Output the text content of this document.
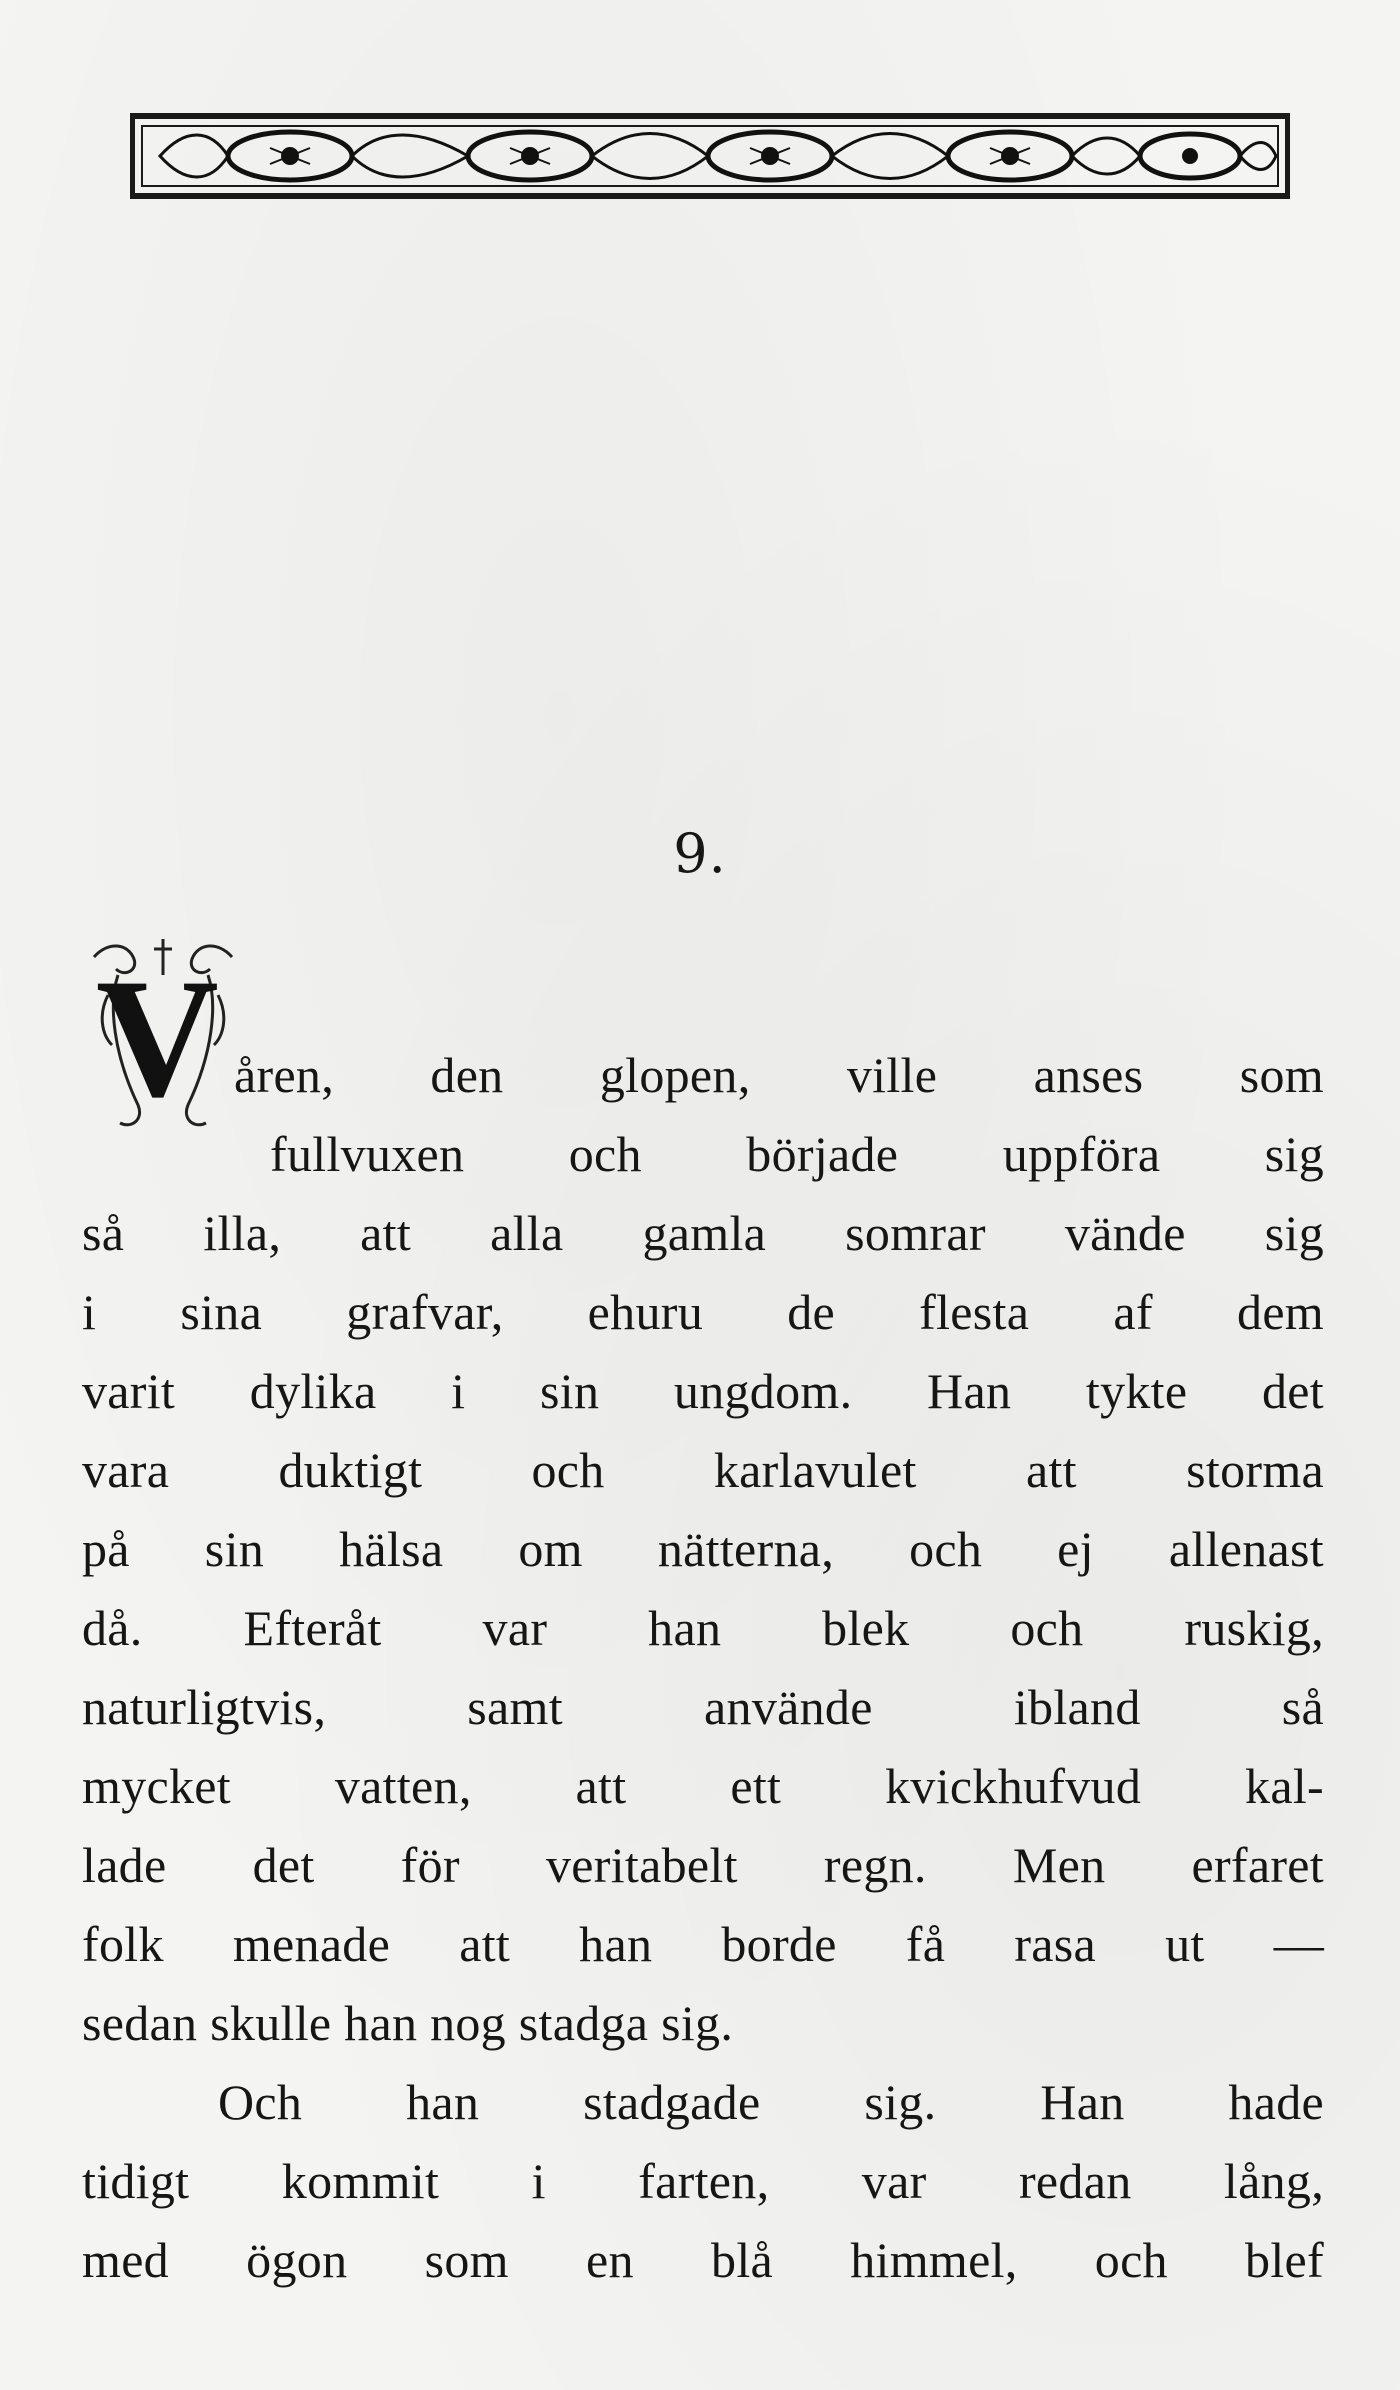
9.
V åren, den glopen, ville anses som
fullvuxen och började uppföra sig
så illa, att alla gamla somrar vände sig
i sina grafvar, ehuru de flesta af dem
varit dylika i sin ungdom. Han tykte det
vara duktigt och karlavulet att storma
på sin hälsa om nätterna, och ej allenast
då. Efteråt var han blek och ruskig,
naturligtvis, samt använde ibland så
mycket vatten, att ett kvickhufvud kal-
lade det för veritabelt regn. Men erfaret
folk menade att han borde få rasa ut —
sedan skulle han nog stadga sig.
Och han stadgade sig. Han hade
tidigt kommit i farten, var redan lång,
med ögon som en blå himmel, och blef
